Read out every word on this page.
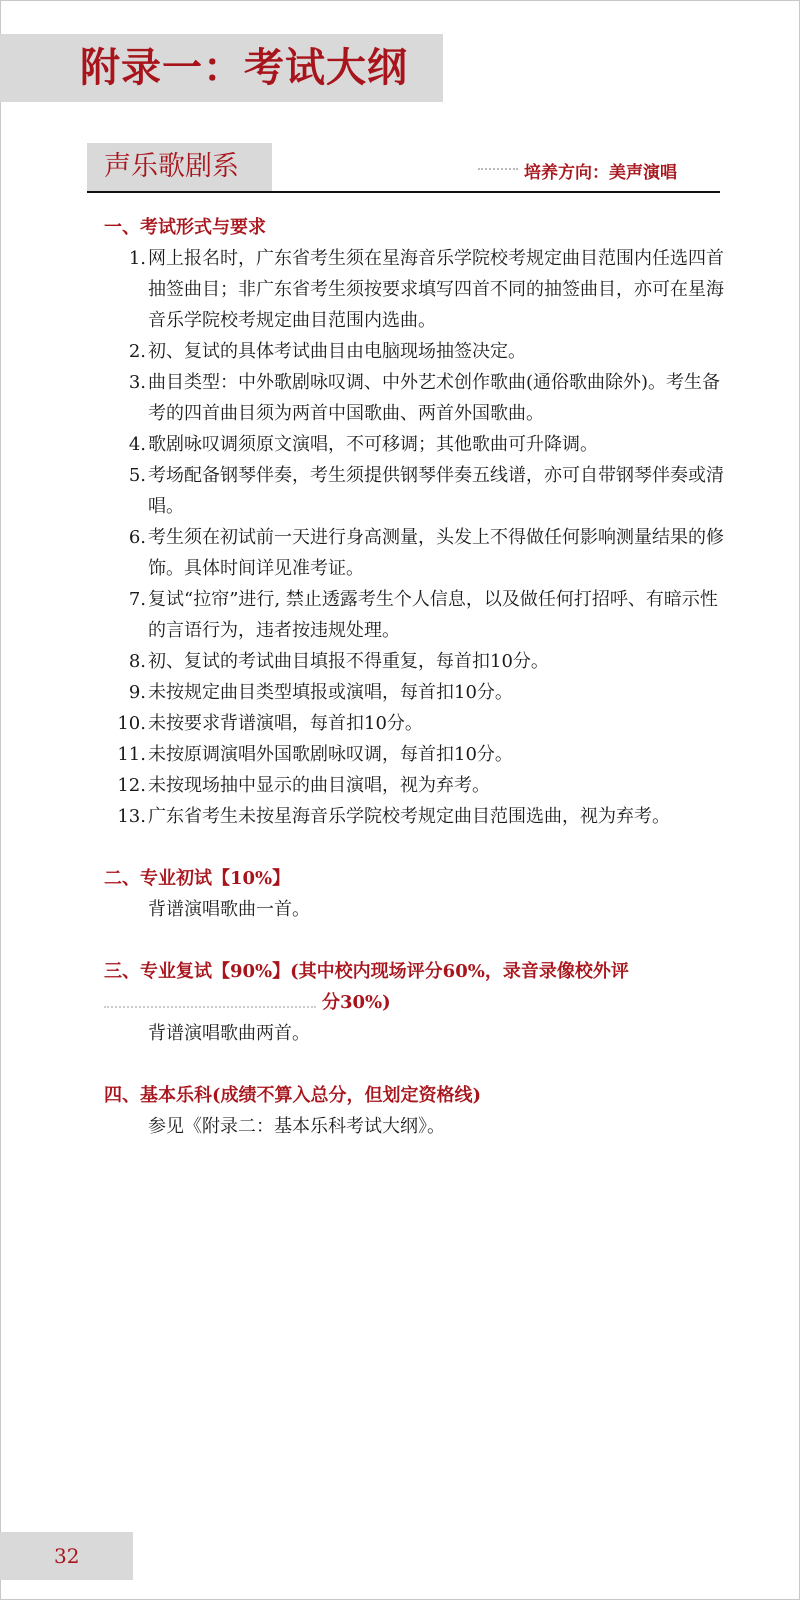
附录一：考试大纲
声乐歌剧系	培养方向：美声演唱
一、考试形式与要求
1. 网上报名时，广东省考生须在星海音乐学院校考规定曲目范围内任选四首抽签曲目；非广东省考生须按要求填写四首不同的抽签曲目，亦可在星海音乐学院校考规定曲目范围内选曲。
2. 初、复试的具体考试曲目由电脑现场抽签决定。
3. 曲目类型：中外歌剧咏叹调、中外艺术创作歌曲(通俗歌曲除外)。考生备考的四首曲目须为两首中国歌曲、两首外国歌曲。
4. 歌剧咏叹调须原文演唱，不可移调；其他歌曲可升降调。
5. 考场配备钢琴伴奏，考生须提供钢琴伴奏五线谱，亦可自带钢琴伴奏或清唱。
6. 考生须在初试前一天进行身高测量，头发上不得做任何影响测量结果的修饰。具体时间详见准考证。
7. 复试“拉帘”进行, 禁止透露考生个人信息，以及做任何打招呼、有暗示性的言语行为，违者按违规处理。
8. 初、复试的考试曲目填报不得重复，每首扣10分。
9. 未按规定曲目类型填报或演唱，每首扣10分。
10. 未按要求背谱演唱，每首扣10分。
11. 未按原调演唱外国歌剧咏叹调，每首扣10分。
12. 未按现场抽中显示的曲目演唱，视为弃考。
13. 广东省考生未按星海音乐学院校考规定曲目范围选曲，视为弃考。
二、专业初试【10%】
背谱演唱歌曲一首。
三、专业复试【90%】(其中校内现场评分60%，录音录像校外评
分30%)
背谱演唱歌曲两首。
四、基本乐科(成绩不算入总分，但划定资格线)
参见《附录二：基本乐科考试大纲》。
32
